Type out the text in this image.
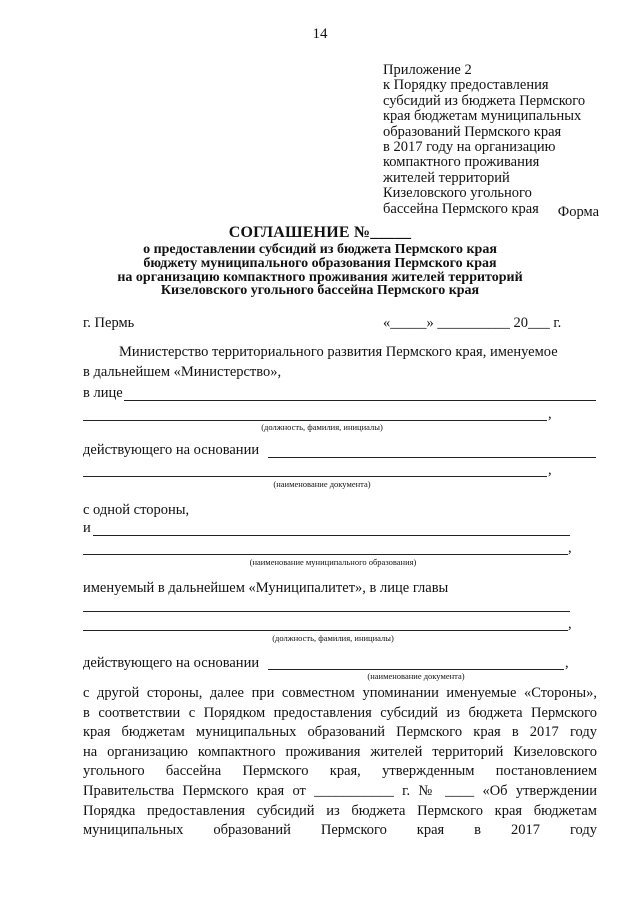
14
Приложение 2
к Порядку предоставления
субсидий из бюджета Пермского
края бюджетам муниципальных
образований Пермского края
в 2017 году на организацию
компактного проживания
жителей территорий
Кизеловского угольного
бассейна Пермского края	Форма
СОГЛАШЕНИЕ №_____
о предоставлении субсидий из бюджета Пермского края
бюджету муниципального образования Пермского края
на организацию компактного проживания жителей территорий
Кизеловского угольного бассейна Пермского края
г. Пермь	«_____» __________ 20___ г.
Министерство территориального развития Пермского края, именуемое
в дальнейшем «Министерство»,
в лице
,
(должность, фамилия, инициалы)
действующего на основании
,
(наименование документа)
с одной стороны,
и
,
(наименование муниципального образования)
именуемый в дальнейшем «Муниципалитет», в лице главы
,
(должность, фамилия, инициалы)
действующего на основании	,
(наименование документа)
с другой стороны, далее при совместном упоминании именуемые «Стороны»,
в соответствии с Порядком предоставления субсидий из бюджета Пермского
края бюджетам муниципальных образований Пермского края в 2017 году
на организацию компактного проживания жителей территорий Кизеловского
угольного бассейна Пермского края, утвержденным постановлением
Правительства Пермского края от ___________ г. № ____ «Об утверждении
Порядка предоставления субсидий из бюджета Пермского края бюджетам
муниципальных образований Пермского края в 2017 году
